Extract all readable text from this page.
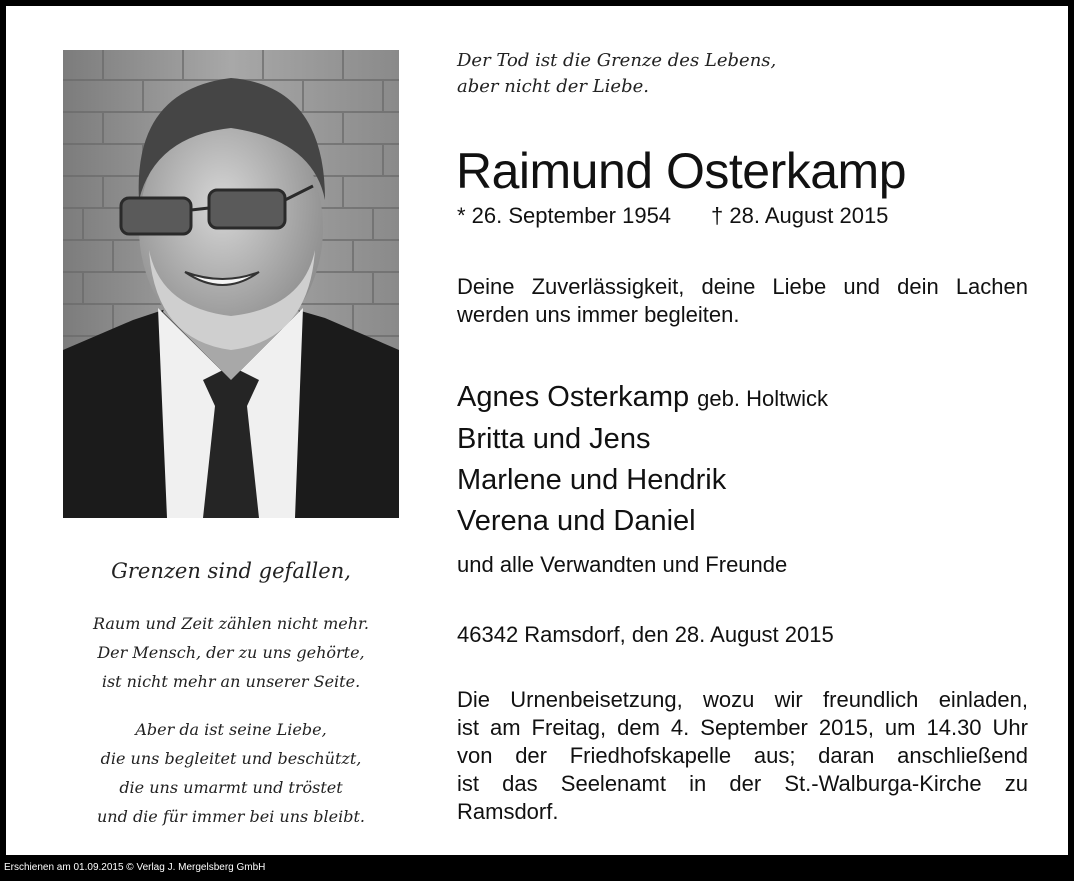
Der Tod ist die Grenze des Lebens,
aber nicht der Liebe.
Raimund Osterkamp
* 26. September 1954 † 28. August 2015
Deine Zuverlässigkeit, deine Liebe und dein Lachen werden uns immer begleiten.
Agnes Osterkamp geb. Holtwick
Britta und Jens
Marlene und Hendrik
Verena und Daniel
und alle Verwandten und Freunde
46342 Ramsdorf, den 28. August 2015
Die Urnenbeisetzung, wozu wir freundlich einladen,
ist am Freitag, dem 4. September 2015, um 14.30 Uhr
von der Friedhofskapelle aus; daran anschließend
ist das Seelenamt in der St.-Walburga-Kirche zu
Ramsdorf.
Grenzen sind gefallen,
Raum und Zeit zählen nicht mehr.
Der Mensch, der zu uns gehörte,
ist nicht mehr an unserer Seite.
Aber da ist seine Liebe,
die uns begleitet und beschützt,
die uns umarmt und tröstet
und die für immer bei uns bleibt.
Erschienen am 01.09.2015 © Verlag J. Mergelsberg GmbH
